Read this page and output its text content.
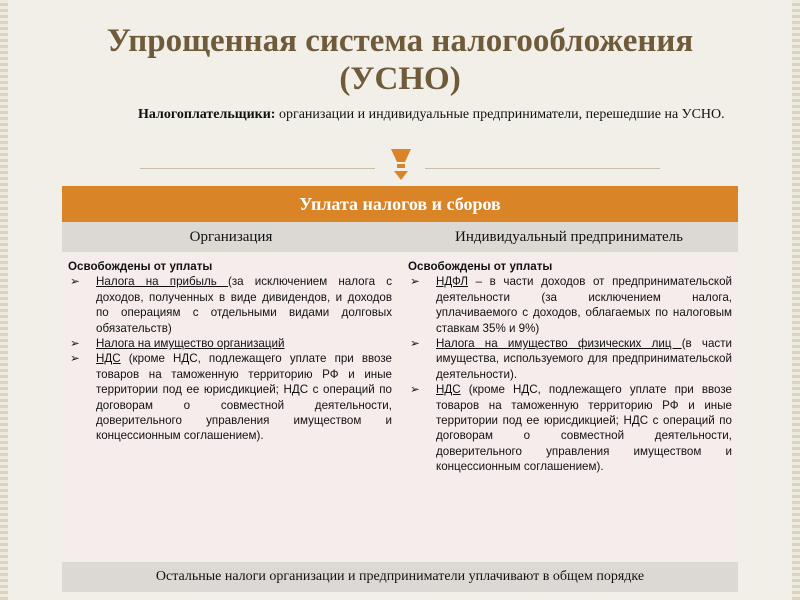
Упрощенная система налогообложения
(УСНО)
Налогоплательщики: организации и индивидуальные предприниматели, перешедшие на УСНО.
Уплата налогов и сборов
Организация	Индивидуальный предприниматель
Освобождены от уплаты
➢ Налога на прибыль (за исключением налога с доходов, полученных в виде дивидендов, и доходов по операциям с отдельными видами долговых обязательств)
➢ Налога на имущество организаций
➢ НДС (кроме НДС, подлежащего уплате при ввозе товаров на таможенную территорию РФ и иные территории под ее юрисдикцией; НДС с операций по договорам о совместной деятельности, доверительного управления имуществом и концессионным соглашением).
Освобождены от уплаты
➢ НДФЛ – в части доходов от предпринимательской деятельности (за исключением налога, уплачиваемого с доходов, облагаемых по налоговым ставкам 35% и 9%)
➢ Налога на имущество физических лиц (в части имущества, используемого для предпринимательской деятельности).
➢ НДС (кроме НДС, подлежащего уплате при ввозе товаров на таможенную территорию РФ и иные территории под ее юрисдикцией; НДС с операций по договорам о совместной деятельности, доверительного управления имуществом и концессионным соглашением).
Остальные налоги организации и предприниматели уплачивают в общем порядке
